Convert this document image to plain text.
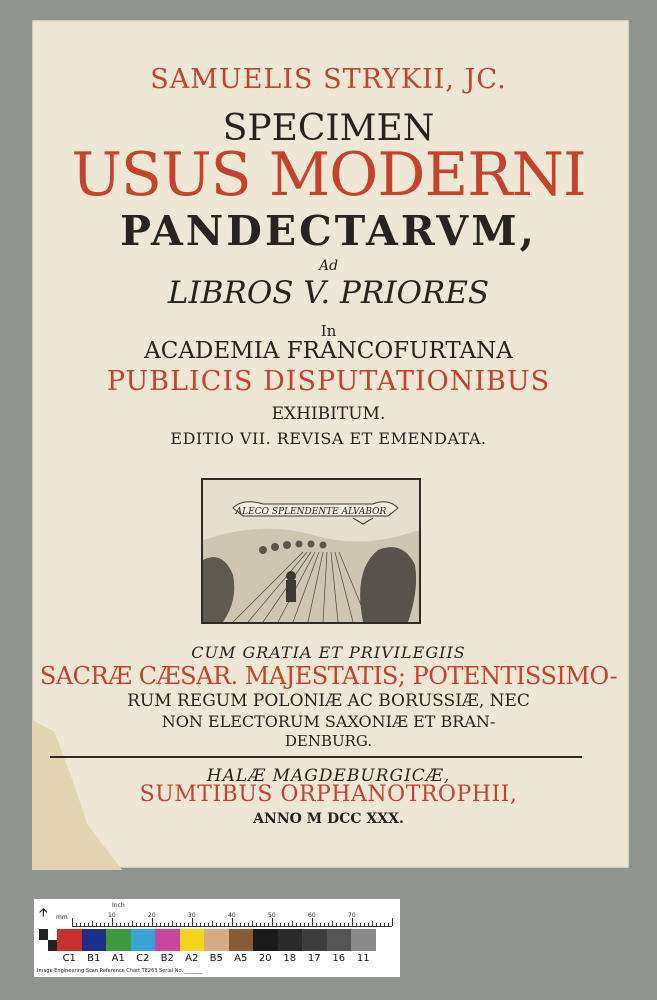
SAMUELIS STRYKII, JC.
SPECIMEN
USUS MODERNI
PANDECTARVM,
Ad
LIBROS V. PRIORES
In
ACADEMIA FRANCOFURTANA
PUBLICIS DISPUTATIONIBUS
EXHIBITUM.
EDITIO VII. REVISA ET EMENDATA.
ALECO SPLENDENTE ALVABOR
CUM GRATIA ET PRIVILEGIIS
SACRÆ CÆSAR. MAJESTATIS; POTENTISSIMO-
RUM REGUM POLONIÆ AC BORUSSIÆ, NEC
NON ELECTORUM SAXONIÆ ET BRAN-
DENBURG.
HALÆ MAGDEBURGICÆ,
SUMTIBUS ORPHANOTROPHII,
ANNO M DCC XXX.
🡩 mm
Inch
10	20	30	40	50	60	70
C1	B1	A1	C2	B2	A2	B5	A5	20	18	17	16	11
Image Engineering Scan Reference Chart TE263 Serial No. _______
